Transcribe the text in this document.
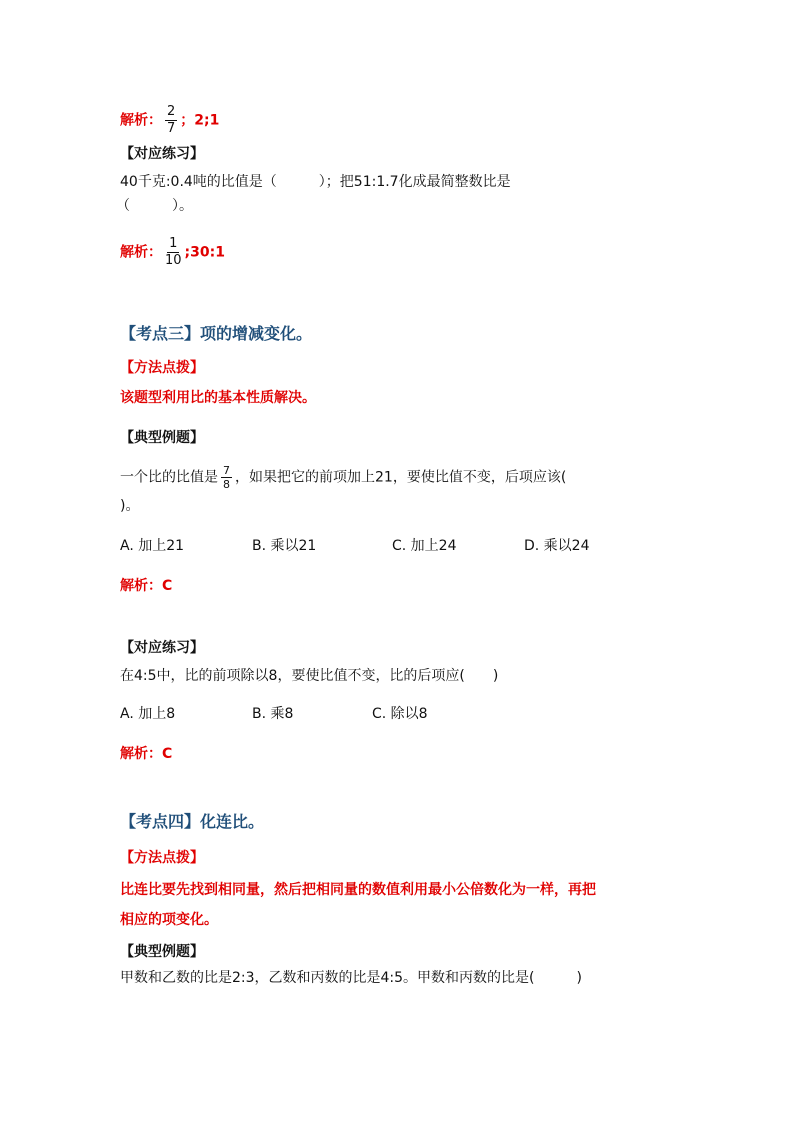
解析： $\frac{2}{7}$ ；2;1
【对应练习】
40千克:0.4吨的比值是（　　　）；把51:1.7化成最简整数比是
（　　　）。
解析： $\frac{1}{10}$ ;30:1
【考点三】项的增减变化。
【方法点拨】
该题型利用比的基本性质解决。
【典型例题】
一个比的比值是 $\frac{7}{8}$ ，如果把它的前项加上21，要使比值不变，后项应该(
)。
A. 加上21	B. 乘以21	C. 加上24	D. 乘以24
解析：C
【对应练习】
在4:5中，比的前项除以8，要使比值不变，比的后项应(　　)
A. 加上8	B. 乘8	C. 除以8
解析：C
【考点四】化连比。
【方法点拨】
比连比要先找到相同量，然后把相同量的数值利用最小公倍数化为一样，再把
相应的项变化。
【典型例题】
甲数和乙数的比是2:3，乙数和丙数的比是4:5。甲数和丙数的比是(　　　)
